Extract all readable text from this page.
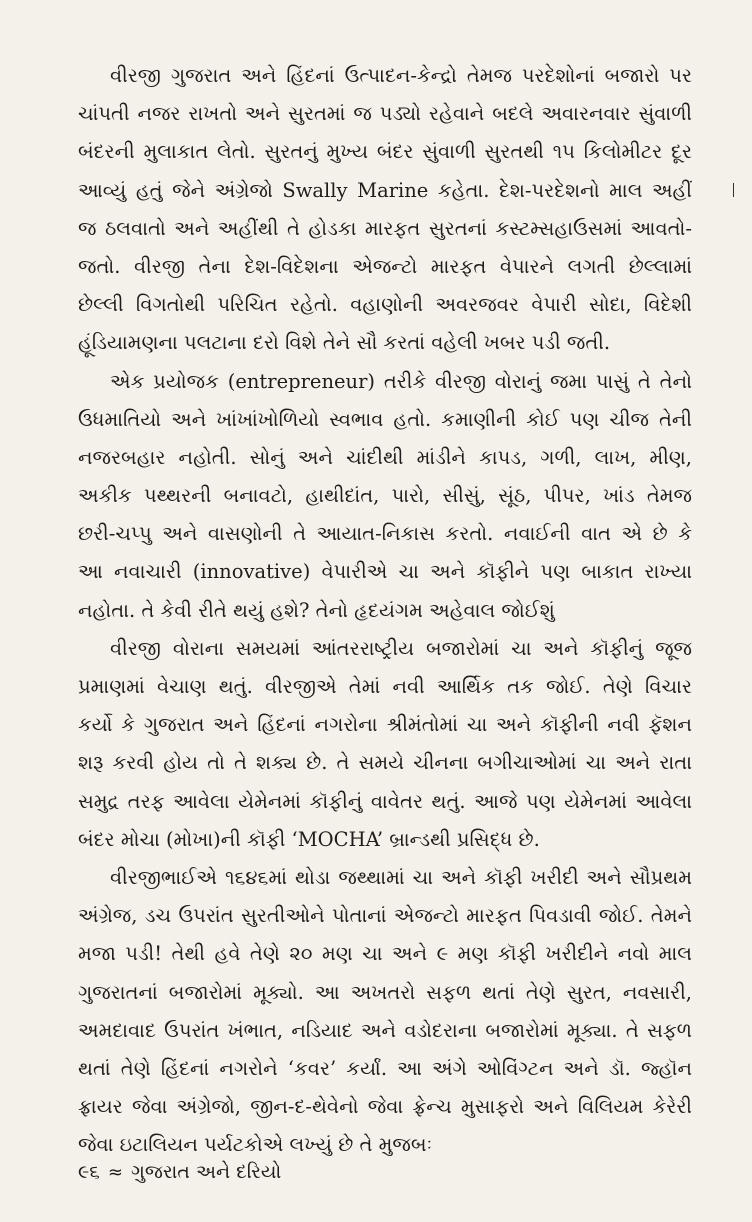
વીરજી ગુજરાત અને હિંદનાં ઉત્પાદન-કેન્દ્રો તેમજ પરદેશોનાં બજારો પર
ચાંપતી નજર રાખતો અને સુરતમાં જ પડ્યો રહેવાને બદલે અવારનવાર સુંવાળી
બંદરની મુલાકાત લેતો. સુરતનું મુખ્ય બંદર સુંવાળી સુરતથી ૧૫ કિલોમીટર દૂર
આવ્યું હતું જેને અંગ્રેજો Swally Marine કહેતા. દેશ-પરદેશનો માલ અહીં
જ ઠલવાતો અને અહીંથી તે હોડકા મારફત સુરતનાં કસ્ટમ્સહાઉસમાં આવતો-
જતો. વીરજી તેના દેશ-વિદેશના એજન્ટો મારફત વેપારને લગતી છેલ્લામાં
છેલ્લી વિગતોથી પરિચિત રહેતો. વહાણોની અવરજવર વેપારી સોદા, વિદેશી
હૂંડિયામણના પલટાના દરો વિશે તેને સૌ કરતાં વહેલી ખબર પડી જતી.
એક પ્રયોજક (entrepreneur) તરીકે વીરજી વોરાનું જમા પાસું તે તેનો
ઉધમાતિયો અને ખાંખાંખોળિયો સ્વભાવ હતો. કમાણીની કોઈ પણ ચીજ તેની
નજરબહાર નહોતી. સોનું અને ચાંદીથી માંડીને કાપડ, ગળી, લાખ, મીણ,
અકીક પથ્થરની બનાવટો, હાથીદાંત, પારો, સીસું, સૂંઠ, પીપર, ખાંડ તેમજ
છરી-ચપ્પુ અને વાસણોની તે આયાત-નિકાસ કરતો. નવાઈની વાત એ છે કે
આ નવાચારી (innovative) વેપારીએ ચા અને કૉફીને પણ બાકાત રાખ્યા
નહોતા. તે કેવી રીતે થયું હશે? તેનો હૃદયંગમ અહેવાલ જોઈશું
વીરજી વોરાના સમયમાં આંતરરાષ્ટ્રીય બજારોમાં ચા અને કૉફીનું જૂજ
પ્રમાણમાં વેચાણ થતું. વીરજીએ તેમાં નવી આર્થિક તક જોઈ. તેણે વિચાર
કર્યો કે ગુજરાત અને હિંદનાં નગરોના શ્રીમંતોમાં ચા અને કૉફીની નવી ફૅશન
શરૂ કરવી હોય તો તે શક્ય છે. તે સમયે ચીનના બગીચાઓમાં ચા અને રાતા
સમુદ્ર તરફ આવેલા યેમેનમાં કૉફીનું વાવેતર થતું. આજે પણ યેમેનમાં આવેલા
બંદર મોચા (મોખા)ની કૉફી ‘MOCHA’ બ્રાન્ડથી પ્રસિદ્ધ છે.
વીરજીભાઈએ ૧૬૪૬માં થોડા જથ્થામાં ચા અને કૉફી ખરીદી અને સૌપ્રથમ
અંગ્રેજ, ડચ ઉપરાંત સુરતીઓને પોતાનાં એજન્ટો મારફત પિવડાવી જોઈ. તેમને
મજા પડી! તેથી હવે તેણે ૨૦ મણ ચા અને ૯ મણ કૉફી ખરીદીને નવો માલ
ગુજરાતનાં બજારોમાં મૂક્યો. આ અખતરો સફળ થતાં તેણે સુરત, નવસારી,
અમદાવાદ ઉપરાંત ખંભાત, નડિયાદ અને વડોદરાના બજારોમાં મૂક્યા. તે સફળ
થતાં તેણે હિંદનાં નગરોને ‘કવર’ કર્યાં. આ અંગે ઓવિંગ્ટન અને ડૉ. જ્હૉન
ફ્રાયર જેવા અંગ્રેજો, જીન-દ-થેવેનો જેવા ફ્રેન્ચ મુસાફરો અને વિલિયમ કેરેરી
જેવા ઇટાલિયન પર્યટકોએ લખ્યું છે તે મુજબઃ
૯૬ ≈ ગુજરાત અને દરિયો
